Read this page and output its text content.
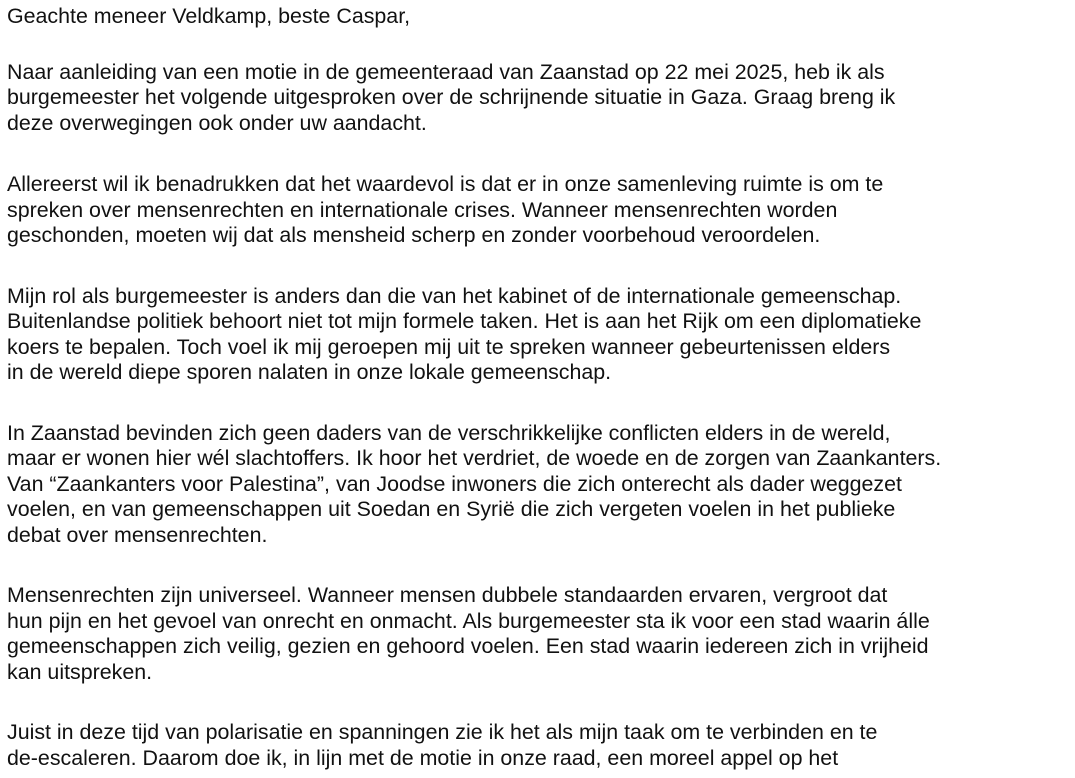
Geachte meneer Veldkamp, beste Caspar,
Naar aanleiding van een motie in de gemeenteraad van Zaanstad op 22 mei 2025, heb ik als
burgemeester het volgende uitgesproken over de schrijnende situatie in Gaza. Graag breng ik
deze overwegingen ook onder uw aandacht.
Allereerst wil ik benadrukken dat het waardevol is dat er in onze samenleving ruimte is om te
spreken over mensenrechten en internationale crises. Wanneer mensenrechten worden
geschonden, moeten wij dat als mensheid scherp en zonder voorbehoud veroordelen.
Mijn rol als burgemeester is anders dan die van het kabinet of de internationale gemeenschap.
Buitenlandse politiek behoort niet tot mijn formele taken. Het is aan het Rijk om een diplomatieke
koers te bepalen. Toch voel ik mij geroepen mij uit te spreken wanneer gebeurtenissen elders
in de wereld diepe sporen nalaten in onze lokale gemeenschap.
In Zaanstad bevinden zich geen daders van de verschrikkelijke conflicten elders in de wereld,
maar er wonen hier wél slachtoffers. Ik hoor het verdriet, de woede en de zorgen van Zaankanters.
Van “Zaankanters voor Palestina”, van Joodse inwoners die zich onterecht als dader weggezet
voelen, en van gemeenschappen uit Soedan en Syrië die zich vergeten voelen in het publieke
debat over mensenrechten.
Mensenrechten zijn universeel. Wanneer mensen dubbele standaarden ervaren, vergroot dat
hun pijn en het gevoel van onrecht en onmacht. Als burgemeester sta ik voor een stad waarin álle
gemeenschappen zich veilig, gezien en gehoord voelen. Een stad waarin iedereen zich in vrijheid
kan uitspreken.
Juist in deze tijd van polarisatie en spanningen zie ik het als mijn taak om te verbinden en te
de-escaleren. Daarom doe ik, in lijn met de motie in onze raad, een moreel appel op het
